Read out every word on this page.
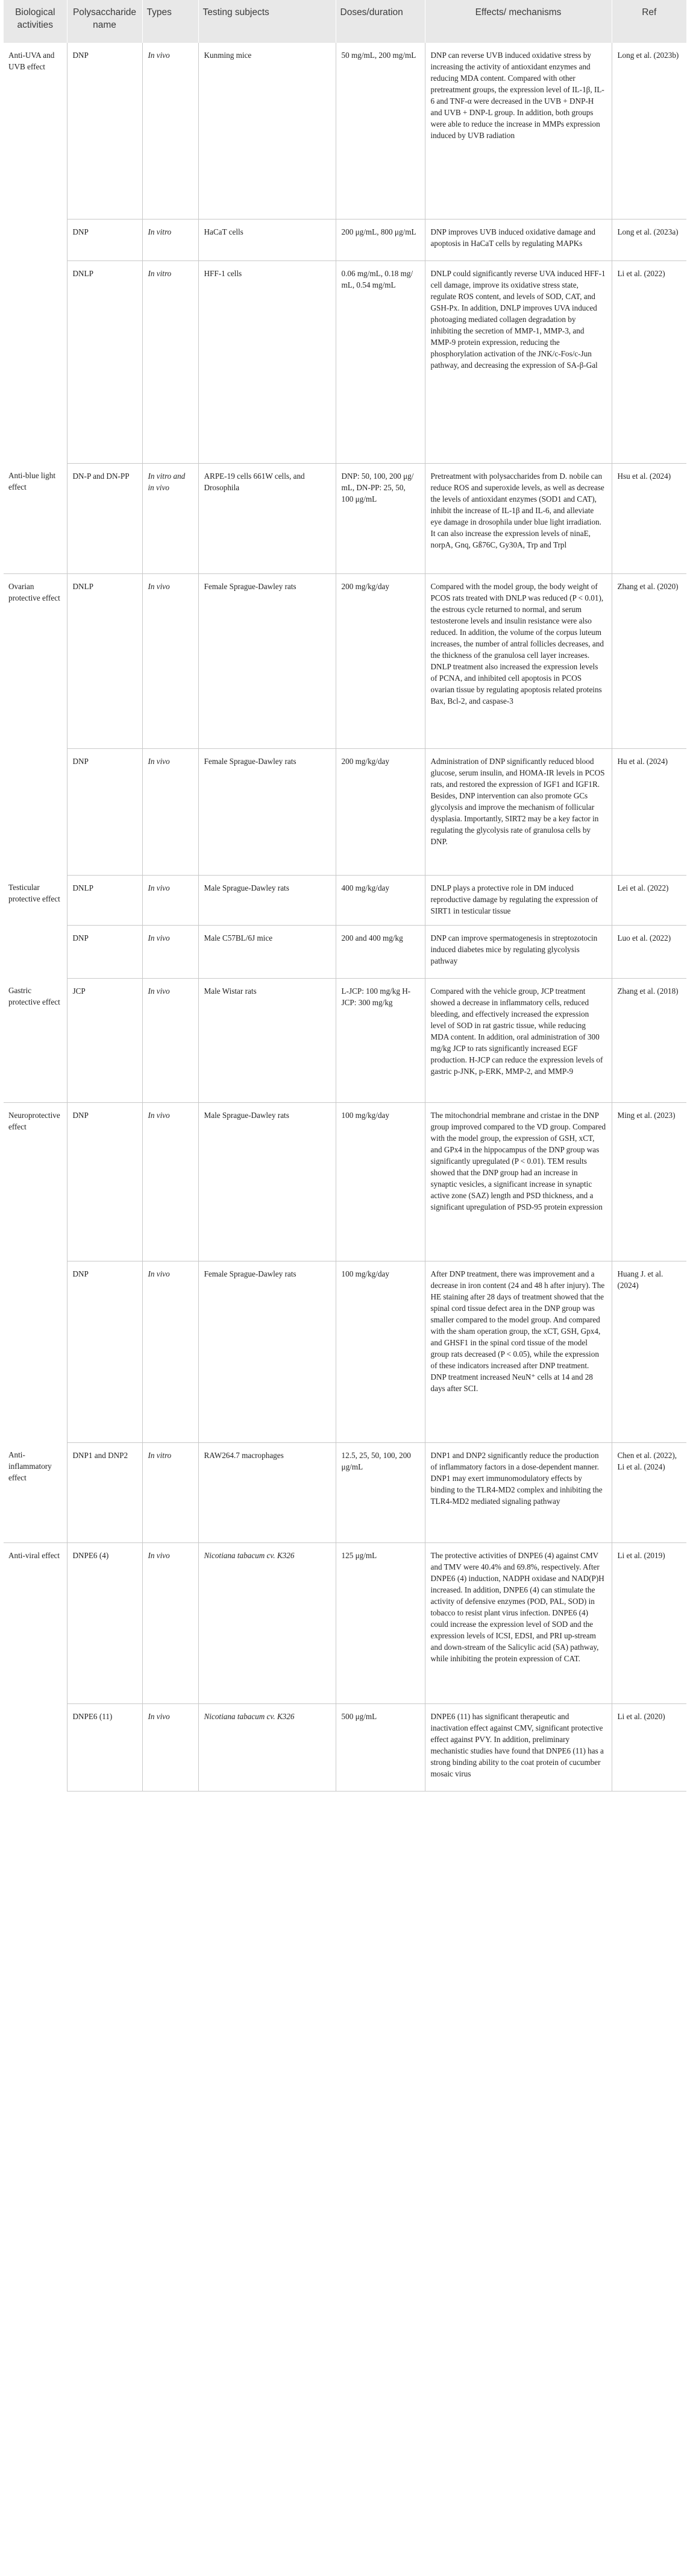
Biological activities	Polysaccharide name	Types	Testing subjects	Doses/duration	Effects/ mechanisms	Ref
Anti-UVA and UVB effect	DNP	In vivo	Kunming mice	50 mg/mL, 200 mg/mL	DNP can reverse UVB induced oxidative stress by increasing the activity of antioxidant enzymes and reducing MDA content. Compared with other pretreatment groups, the expression level of IL-1β, IL-6 and TNF-α were decreased in the UVB + DNP-H and UVB + DNP-L group. In addition, both groups were able to reduce the increase in MMPs expression induced by UVB radiation	Long et al. (2023b)
	DNP	In vitro	HaCaT cells	200 μg/mL, 800 μg/mL	DNP improves UVB induced oxidative damage and apoptosis in HaCaT cells by regulating MAPKs	Long et al. (2023a)
	DNLP	In vitro	HFF-1 cells	0.06 mg/mL, 0.18 mg/ mL, 0.54 mg/mL	DNLP could significantly reverse UVA induced HFF-1 cell damage, improve its oxidative stress state, regulate ROS content, and levels of SOD, CAT, and GSH-Px. In addition, DNLP improves UVA induced photoaging mediated collagen degradation by inhibiting the secretion of MMP-1, MMP-3, and MMP-9 protein expression, reducing the phosphorylation activation of the JNK/c-Fos/c-Jun pathway, and decreasing the expression of SA-β-Gal	Li et al. (2022)
Anti-blue light effect	DN-P and DN-PP	In vitro and in vivo	ARPE-19 cells 661W cells, and Drosophila	DNP: 50, 100, 200 μg/ mL, DN-PP: 25, 50, 100 μg/mL	Pretreatment with polysaccharides from D. nobile can reduce ROS and superoxide levels, as well as decrease the levels of antioxidant enzymes (SOD1 and CAT), inhibit the increase of IL-1β and IL-6, and alleviate eye damage in drosophila under blue light irradiation. It can also increase the expression levels of ninaE, norpA, Gnq, Gß76C, Gy30A, Trp and Trpl	Hsu et al. (2024)
Ovarian protective effect	DNLP	In vivo	Female Sprague-Dawley rats	200 mg/kg/day	Compared with the model group, the body weight of PCOS rats treated with DNLP was reduced (P < 0.01), the estrous cycle returned to normal, and serum testosterone levels and insulin resistance were also reduced. In addition, the volume of the corpus luteum increases, the number of antral follicles decreases, and the thickness of the granulosa cell layer increases. DNLP treatment also increased the expression levels of PCNA, and inhibited cell apoptosis in PCOS ovarian tissue by regulating apoptosis related proteins Bax, Bcl-2, and caspase-3	Zhang et al. (2020)
	DNP	In vivo	Female Sprague-Dawley rats	200 mg/kg/day	Administration of DNP significantly reduced blood glucose, serum insulin, and HOMA-IR levels in PCOS rats, and restored the expression of IGF1 and IGF1R. Besides, DNP intervention can also promote GCs glycolysis and improve the mechanism of follicular dysplasia. Importantly, SIRT2 may be a key factor in regulating the glycolysis rate of granulosa cells by DNP.	Hu et al. (2024)
Testicular protective effect	DNLP	In vivo	Male Sprague-Dawley rats	400 mg/kg/day	DNLP plays a protective role in DM induced reproductive damage by regulating the expression of SIRT1 in testicular tissue	Lei et al. (2022)
	DNP	In vivo	Male C57BL/6J mice	200 and 400 mg/kg	DNP can improve spermatogenesis in streptozotocin induced diabetes mice by regulating glycolysis pathway	Luo et al. (2022)
Gastric protective effect	JCP	In vivo	Male Wistar rats	L-JCP: 100 mg/kg H-JCP: 300 mg/kg	Compared with the vehicle group, JCP treatment showed a decrease in inflammatory cells, reduced bleeding, and effectively increased the expression level of SOD in rat gastric tissue, while reducing MDA content. In addition, oral administration of 300 mg/kg JCP to rats significantly increased EGF production. H-JCP can reduce the expression levels of gastric p-JNK, p-ERK, MMP-2, and MMP-9	Zhang et al. (2018)
Neuroprotective effect	DNP	In vivo	Male Sprague-Dawley rats	100 mg/kg/day	The mitochondrial membrane and cristae in the DNP group improved compared to the VD group. Compared with the model group, the expression of GSH, xCT, and GPx4 in the hippocampus of the DNP group was significantly upregulated (P < 0.01). TEM results showed that the DNP group had an increase in synaptic vesicles, a significant increase in synaptic active zone (SAZ) length and PSD thickness, and a significant upregulation of PSD-95 protein expression	Ming et al. (2023)
	DNP	In vivo	Female Sprague-Dawley rats	100 mg/kg/day	After DNP treatment, there was improvement and a decrease in iron content (24 and 48 h after injury). The HE staining after 28 days of treatment showed that the spinal cord tissue defect area in the DNP group was smaller compared to the model group. And compared with the sham operation group, the xCT, GSH, Gpx4, and GHSF1 in the spinal cord tissue of the model group rats decreased (P < 0.05), while the expression of these indicators increased after DNP treatment. DNP treatment increased NeuN⁺ cells at 14 and 28 days after SCI.	Huang J. et al. (2024)
Anti-inflammatory effect	DNP1 and DNP2	In vitro	RAW264.7 macrophages	12.5, 25, 50, 100, 200 μg/mL	DNP1 and DNP2 significantly reduce the production of inflammatory factors in a dose-dependent manner. DNP1 may exert immunomodulatory effects by binding to the TLR4-MD2 complex and inhibiting the TLR4-MD2 mediated signaling pathway	Chen et al. (2022), Li et al. (2024)
Anti-viral effect	DNPE6 (4)	In vivo	Nicotiana tabacum cv. K326	125 μg/mL	The protective activities of DNPE6 (4) against CMV and TMV were 40.4% and 69.8%, respectively. After DNPE6 (4) induction, NADPH oxidase and NAD(P)H increased. In addition, DNPE6 (4) can stimulate the activity of defensive enzymes (POD, PAL, SOD) in tobacco to resist plant virus infection. DNPE6 (4) could increase the expression level of SOD and the expression levels of ICSI, EDSI, and PRI up-stream and down-stream of the Salicylic acid (SA) pathway, while inhibiting the protein expression of CAT.	Li et al. (2019)
	DNPE6 (11)	In vivo	Nicotiana tabacum cv. K326	500 μg/mL	DNPE6 (11) has significant therapeutic and inactivation effect against CMV, significant protective effect against PVY. In addition, preliminary mechanistic studies have found that DNPE6 (11) has a strong binding ability to the coat protein of cucumber mosaic virus	Li et al. (2020)
